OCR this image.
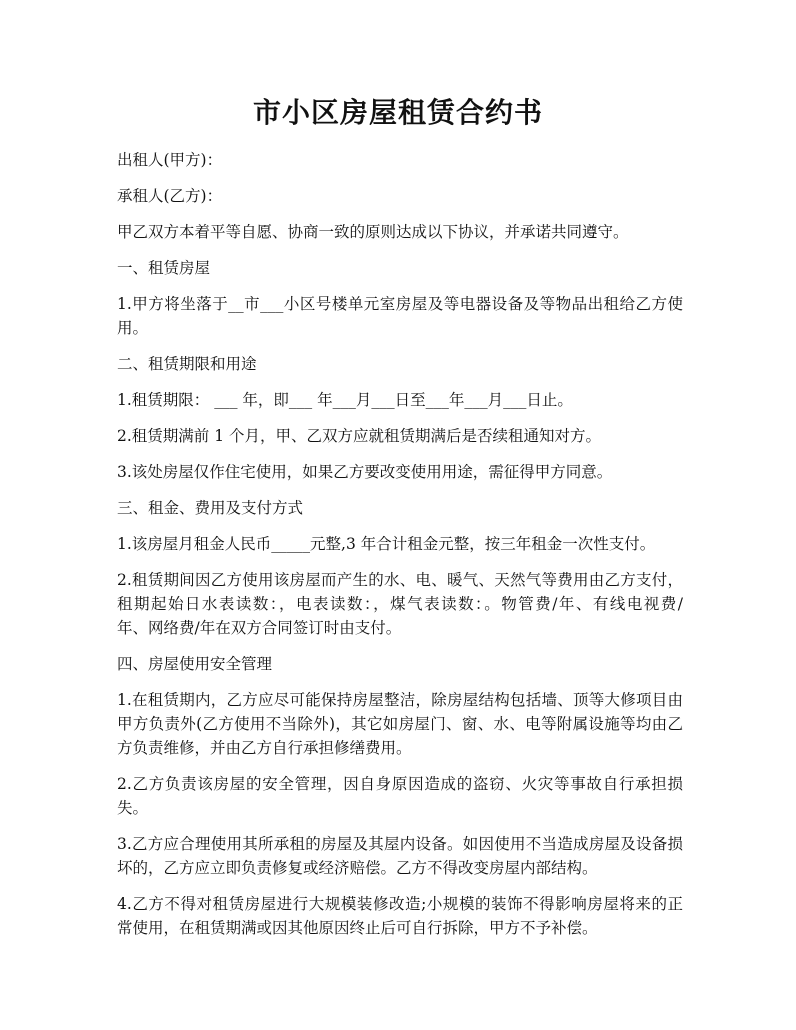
市小区房屋租赁合约书

出租人(甲方)：

承租人(乙方)：

甲乙双方本着平等自愿、协商一致的原则达成以下协议，并承诺共同遵守。

一、租赁房屋

1.甲方将坐落于__市___小区号楼单元室房屋及等电器设备及等物品出租给乙方使
用。

二、租赁期限和用途

1.租赁期限： ___ 年，即___ 年___月___日至___年___月___日止。

2.租赁期满前 1 个月，甲、乙双方应就租赁期满后是否续租通知对方。

3.该处房屋仅作住宅使用，如果乙方要改变使用用途，需征得甲方同意。

三、租金、费用及支付方式

1.该房屋月租金人民币_____元整,3 年合计租金元整，按三年租金一次性支付。

2.租赁期间因乙方使用该房屋而产生的水、电、暖气、天然气等费用由乙方支付，
租期起始日水表读数：，电表读数：，煤气表读数：。物管费/年、有线电视费/
年、网络费/年在双方合同签订时由支付。

四、房屋使用安全管理

1.在租赁期内，乙方应尽可能保持房屋整洁，除房屋结构包括墙、顶等大修项目由
甲方负责外(乙方使用不当除外)，其它如房屋门、窗、水、电等附属设施等均由乙
方负责维修，并由乙方自行承担修缮费用。

2.乙方负责该房屋的安全管理，因自身原因造成的盗窃、火灾等事故自行承担损
失。

3.乙方应合理使用其所承租的房屋及其屋内设备。如因使用不当造成房屋及设备损
坏的，乙方应立即负责修复或经济赔偿。乙方不得改变房屋内部结构。

4.乙方不得对租赁房屋进行大规模装修改造;小规模的装饰不得影响房屋将来的正
常使用，在租赁期满或因其他原因终止后可自行拆除，甲方不予补偿。
